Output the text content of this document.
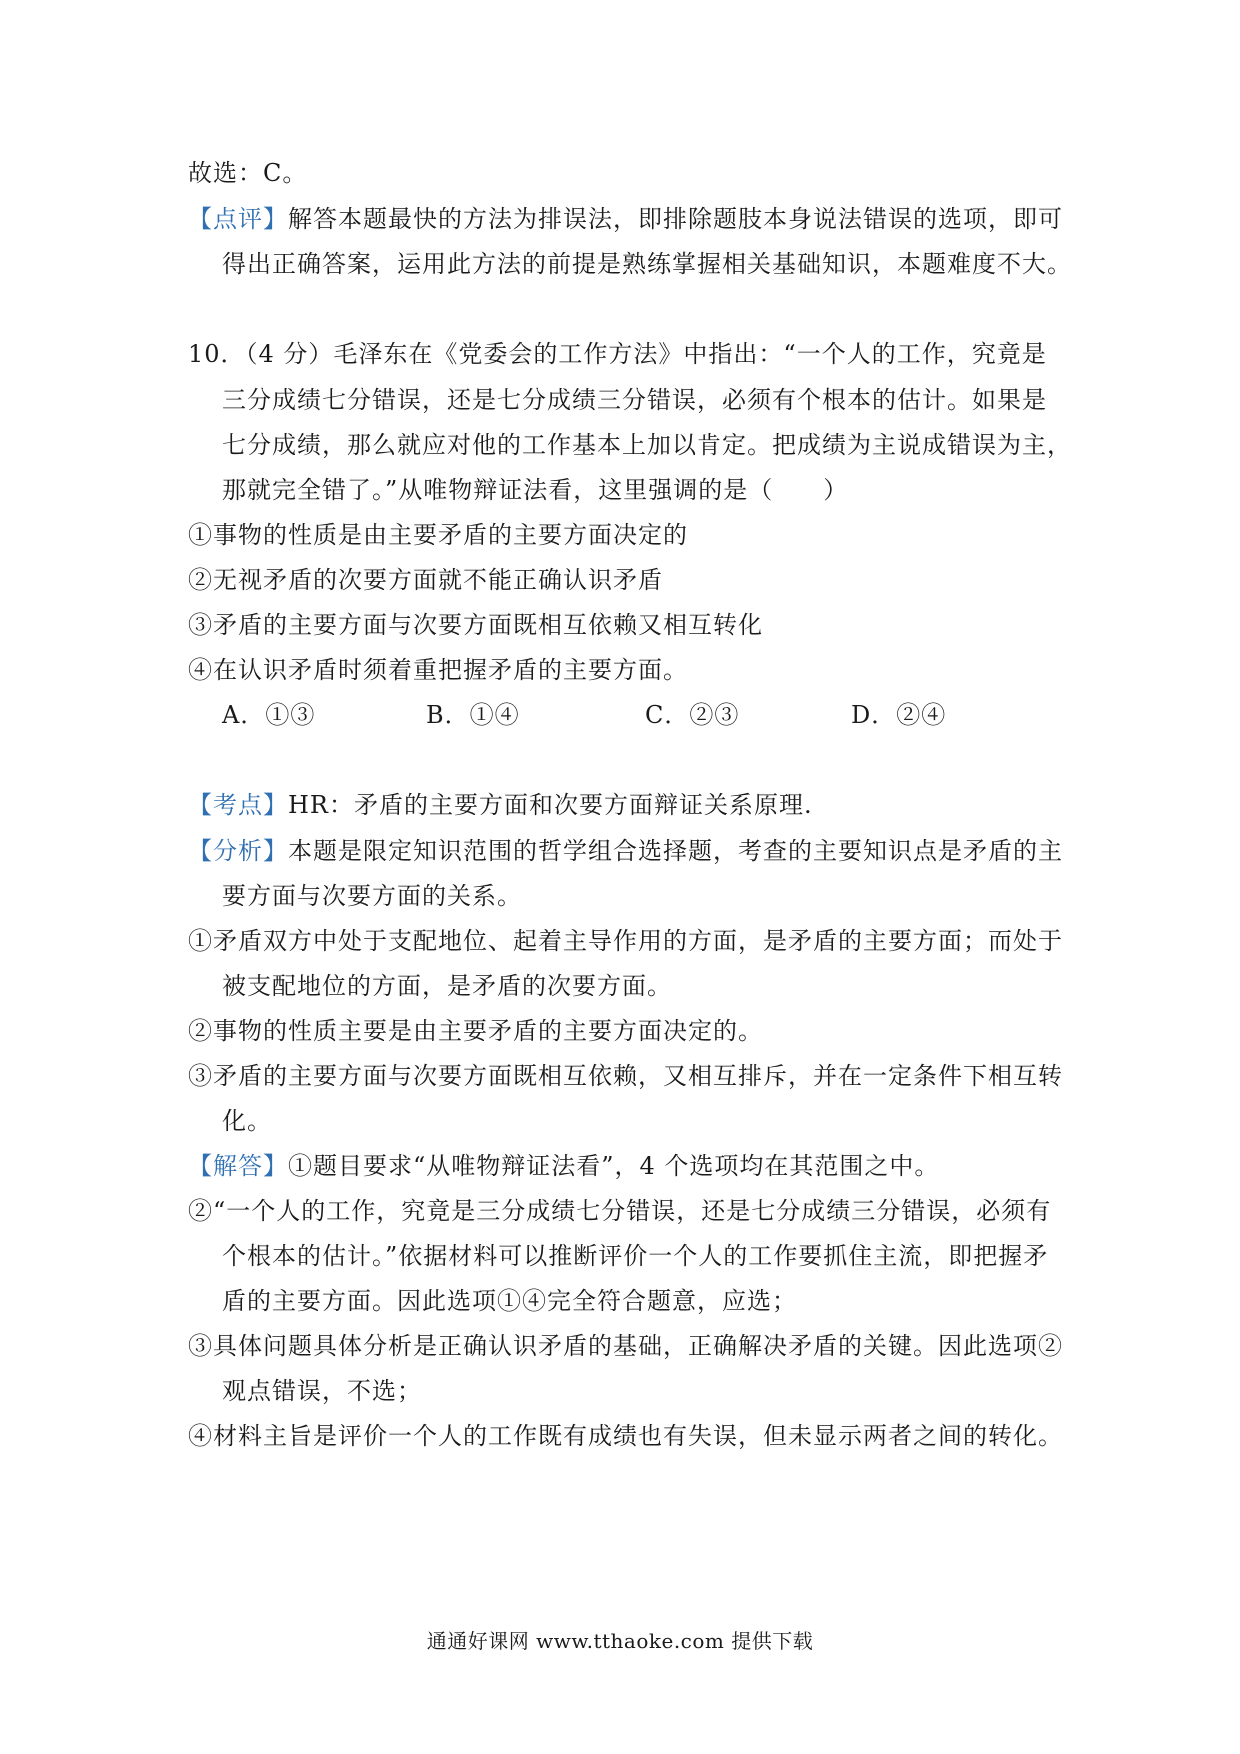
故选：C。
【点评】解答本题最快的方法为排误法，即排除题肢本身说法错误的选项，即可
得出正确答案，运用此方法的前提是熟练掌握相关基础知识，本题难度不大。
10．（4 分）毛泽东在《党委会的工作方法》中指出：“一个人的工作，究竟是
三分成绩七分错误，还是七分成绩三分错误，必须有个根本的估计。如果是
七分成绩，那么就应对他的工作基本上加以肯定。把成绩为主说成错误为主，
那就完全错了。”从唯物辩证法看，这里强调的是（　　）
①事物的性质是由主要矛盾的主要方面决定的
②无视矛盾的次要方面就不能正确认识矛盾
③矛盾的主要方面与次要方面既相互依赖又相互转化
④在认识矛盾时须着重把握矛盾的主要方面。
A．①③	B．①④	C．②③	D．②④
【考点】HR：矛盾的主要方面和次要方面辩证关系原理.
【分析】本题是限定知识范围的哲学组合选择题，考查的主要知识点是矛盾的主
要方面与次要方面的关系。
①矛盾双方中处于支配地位、起着主导作用的方面，是矛盾的主要方面；而处于
被支配地位的方面，是矛盾的次要方面。
②事物的性质主要是由主要矛盾的主要方面决定的。
③矛盾的主要方面与次要方面既相互依赖，又相互排斥，并在一定条件下相互转
化。
【解答】①题目要求“从唯物辩证法看”，4 个选项均在其范围之中。
②“一个人的工作，究竟是三分成绩七分错误，还是七分成绩三分错误，必须有
个根本的估计。”依据材料可以推断评价一个人的工作要抓住主流，即把握矛
盾的主要方面。因此选项①④完全符合题意，应选；
③具体问题具体分析是正确认识矛盾的基础，正确解决矛盾的关键。因此选项②
观点错误，不选；
④材料主旨是评价一个人的工作既有成绩也有失误，但未显示两者之间的转化。
通通好课网 www.tthaoke.com 提供下载
